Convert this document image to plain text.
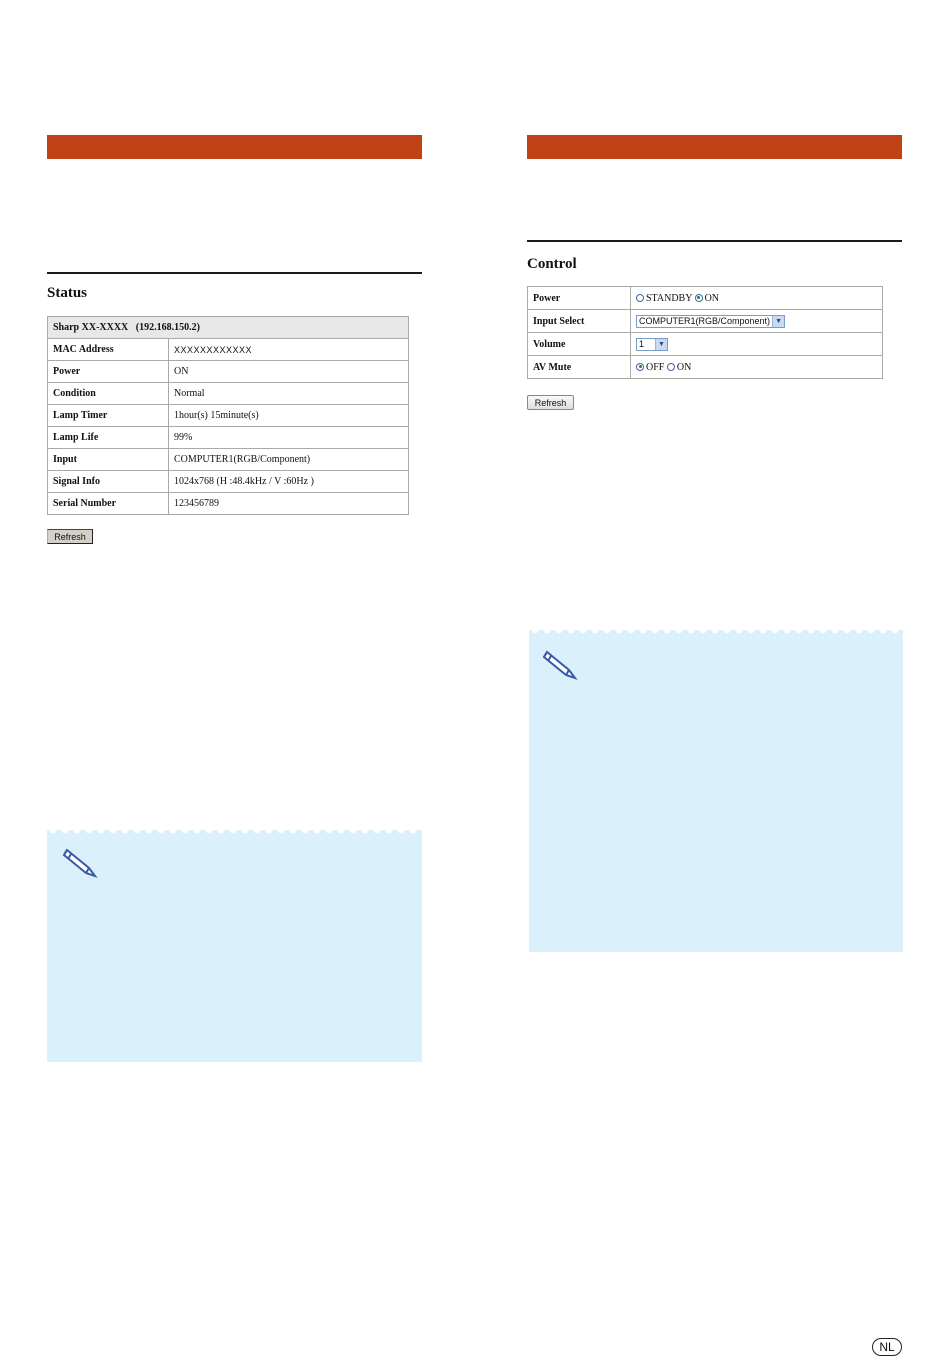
Status
Sharp XX-XXXX   (192.168.150.2)	
MAC Address	XXXXXXXXXXXX
Power	ON
Condition	Normal
Lamp Timer	1hour(s) 15minute(s)
Lamp Life	99%
Input	COMPUTER1(RGB/Component)
Signal Info	1024x768 (H :48.4kHz / V :60Hz )
Serial Number	123456789
Refresh
Control
Power	STANDBY ON
Input Select	COMPUTER1(RGB/Component) ▼

Volume	1 ▼

AV Mute	OFF ON
Refresh
NL
